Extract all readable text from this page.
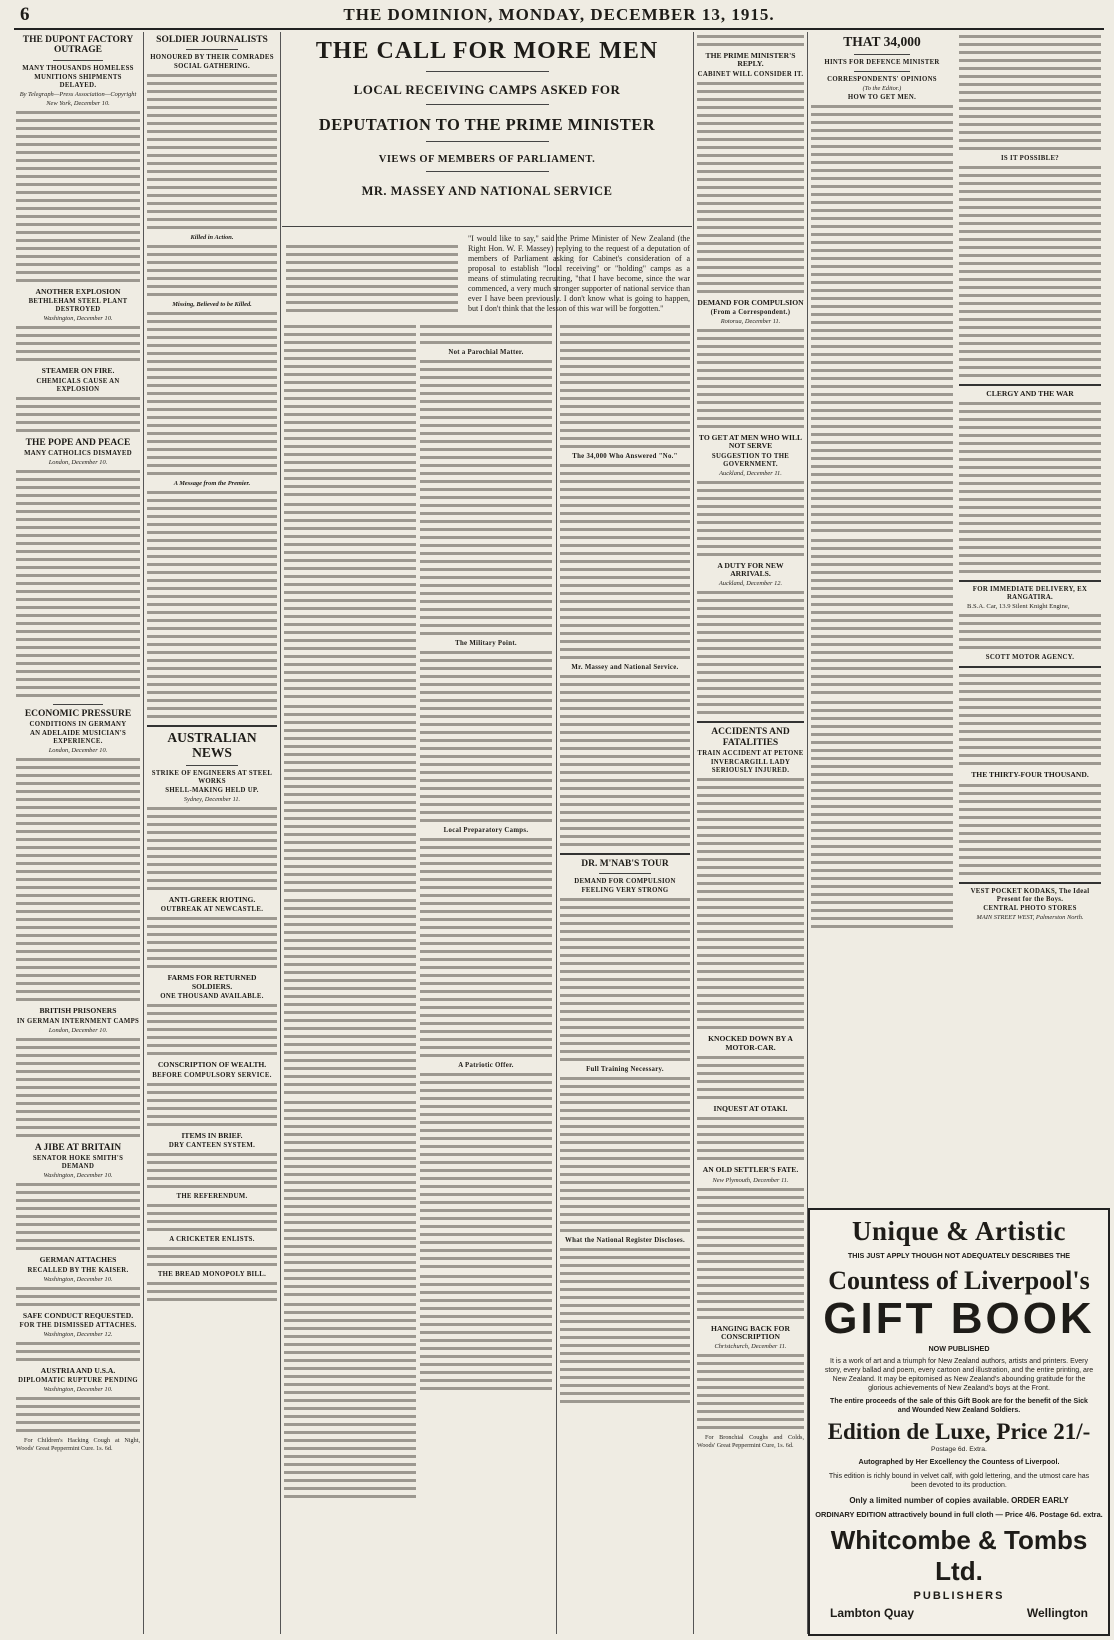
6	THE DOMINION, MONDAY, DECEMBER 13, 1915.
THE DUPONT FACTORY OUTRAGE
MANY THOUSANDS HOMELESS
MUNITIONS SHIPMENTS DELAYED.
By Telegraph—Press Association—Copyright
New York, December 10.
ANOTHER EXPLOSION
BETHLEHAM STEEL PLANT DESTROYED
Washington, December 10.
STEAMER ON FIRE.
CHEMICALS CAUSE AN EXPLOSION
THE POPE AND PEACE
MANY CATHOLICS DISMAYED
London, December 10.
ECONOMIC PRESSURE
CONDITIONS IN GERMANY
AN ADELAIDE MUSICIAN'S EXPERIENCE.
London, December 10.
BRITISH PRISONERS
IN GERMAN INTERNMENT CAMPS
London, December 10.
A JIBE AT BRITAIN
SENATOR HOKE SMITH'S DEMAND
Washington, December 10.
GERMAN ATTACHES
RECALLED BY THE KAISER.
Washington, December 10.
SAFE CONDUCT REQUESTED.
FOR THE DISMISSED ATTACHES.
Washington, December 12.
AUSTRIA AND U.S.A.
DIPLOMATIC RUPTURE PENDING
Washington, December 10.
For Children's Hacking Cough at Night, Woods' Great Peppermint Cure. 1s. 6d.
SOLDIER JOURNALISTS
HONOURED BY THEIR COMRADES
SOCIAL GATHERING.
Killed in Action.
Missing, Believed to be Killed.
A Message from the Premier.
AUSTRALIAN NEWS
STRIKE OF ENGINEERS AT STEEL WORKS
SHELL-MAKING HELD UP.
Sydney, December 11.
ANTI-GREEK RIOTING.
OUTBREAK AT NEWCASTLE.
FARMS FOR RETURNED SOLDIERS.
ONE THOUSAND AVAILABLE.
CONSCRIPTION OF WEALTH.
BEFORE COMPULSORY SERVICE.
ITEMS IN BRIEF.
DRY CANTEEN SYSTEM.
THE REFERENDUM.
A CRICKETER ENLISTS.
THE BREAD MONOPOLY BILL.
THE CALL FOR MORE MEN
LOCAL RECEIVING CAMPS ASKED FOR
DEPUTATION TO THE PRIME MINISTER
VIEWS OF MEMBERS OF PARLIAMENT.
MR. MASSEY AND NATIONAL SERVICE
"I would like to say," said the Prime Minister of New Zealand (the Right Hon. W. F. Massey) replying to the request of a deputation of members of Parliament asking for Cabinet's consideration of a proposal to establish "local receiving" or "holding" camps as a means of stimulating recruiting, "that I have become, since the war commenced, a very much stronger supporter of national service than ever I have been previously. I don't know what is going to happen, but I don't think that the lesson of this war will be forgotten."
Not a Parochial Matter.
The Military Point.
Local Preparatory Camps.
A Patriotic Offer.
The 34,000 Who Answered "No."
Mr. Massey and National Service.
DR. M'NAB'S TOUR
DEMAND FOR COMPULSION
FEELING VERY STRONG
Full Training Necessary.
What the National Register Discloses.
THE PRIME MINISTER'S REPLY.
CABINET WILL CONSIDER IT.
DEMAND FOR COMPULSION
(From a Correspondent.)
Rotorua, December 11.
TO GET AT MEN WHO WILL NOT SERVE
SUGGESTION TO THE GOVERNMENT.
Auckland, December 11.
A DUTY FOR NEW ARRIVALS.
Auckland, December 12.
ACCIDENTS AND FATALITIES
TRAIN ACCIDENT AT PETONE
INVERCARGILL LADY SERIOUSLY INJURED.
KNOCKED DOWN BY A MOTOR-CAR.
INQUEST AT OTAKI.
AN OLD SETTLER'S FATE.
New Plymouth, December 11.
HANGING BACK FOR CONSCRIPTION
Christchurch, December 11.
For Bronchial Coughs and Colds, Woods' Great Peppermint Cure, 1s. 6d.
THAT 34,000
HINTS FOR DEFENCE MINISTER
CORRESPONDENTS' OPINIONS
(To the Editor.)
HOW TO GET MEN.
IS IT POSSIBLE?
CLERGY AND THE WAR
FOR IMMEDIATE DELIVERY, EX RANGATIRA.
B.S.A. Car, 13.9 Silent Knight Engine,
SCOTT MOTOR AGENCY.
THE THIRTY-FOUR THOUSAND.
VEST POCKET KODAKS, The Ideal Present for the Boys.
CENTRAL PHOTO STORES
MAIN STREET WEST, Palmerston North.
Unique & Artistic
THIS JUST APPLY THOUGH NOT ADEQUATELY DESCRIBES THE
Countess of Liverpool's
GIFT BOOK
NOW PUBLISHED
It is a work of art and a triumph for New Zealand authors, artists and printers. Every story, every ballad and poem, every cartoon and illustration, and the entire printing, are New Zealand. It may be epitomised as New Zealand's abounding gratitude for the glorious achievements of New Zealand's boys at the Front.
The entire proceeds of the sale of this Gift Book are for the benefit of the Sick and Wounded New Zealand Soldiers.
Edition de Luxe, Price 21/-
Postage 6d. Extra.
Autographed by Her Excellency the Countess of Liverpool.
This edition is richly bound in velvet calf, with gold lettering, and the utmost care has been devoted to its production.
Only a limited number of copies available. ORDER EARLY
ORDINARY EDITION attractively bound in full cloth — Price 4/6. Postage 6d. extra.
Whitcombe & Tombs Ltd.
PUBLISHERS
Lambton Quay	Wellington
